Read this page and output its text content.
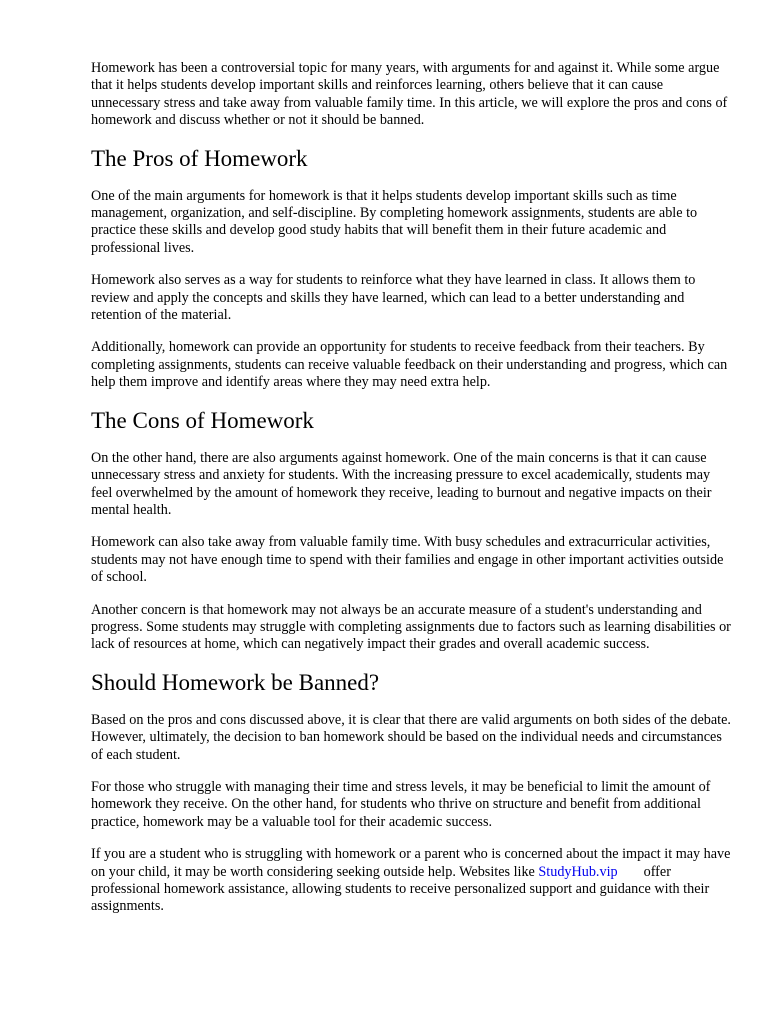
Homework has been a controversial topic for many years, with arguments for and against it. While some argue that it helps students develop important skills and reinforces learning, others believe that it can cause unnecessary stress and take away from valuable family time. In this article, we will explore the pros and cons of homework and discuss whether or not it should be banned.

The Pros of Homework

One of the main arguments for homework is that it helps students develop important skills such as time management, organization, and self-discipline. By completing homework assignments, students are able to practice these skills and develop good study habits that will benefit them in their future academic and professional lives.

Homework also serves as a way for students to reinforce what they have learned in class. It allows them to review and apply the concepts and skills they have learned, which can lead to a better understanding and retention of the material.

Additionally, homework can provide an opportunity for students to receive feedback from their teachers. By completing assignments, students can receive valuable feedback on their understanding and progress, which can help them improve and identify areas where they may need extra help.

The Cons of Homework

On the other hand, there are also arguments against homework. One of the main concerns is that it can cause unnecessary stress and anxiety for students. With the increasing pressure to excel academically, students may feel overwhelmed by the amount of homework they receive, leading to burnout and negative impacts on their mental health.

Homework can also take away from valuable family time. With busy schedules and extracurricular activities, students may not have enough time to spend with their families and engage in other important activities outside of school.

Another concern is that homework may not always be an accurate measure of a student's understanding and progress. Some students may struggle with completing assignments due to factors such as learning disabilities or lack of resources at home, which can negatively impact their grades and overall academic success.

Should Homework be Banned?

Based on the pros and cons discussed above, it is clear that there are valid arguments on both sides of the debate. However, ultimately, the decision to ban homework should be based on the individual needs and circumstances of each student.

For those who struggle with managing their time and stress levels, it may be beneficial to limit the amount of homework they receive. On the other hand, for students who thrive on structure and benefit from additional practice, homework may be a valuable tool for their academic success.

If you are a student who is struggling with homework or a parent who is concerned about the impact it may have on your child, it may be worth considering seeking outside help. Websites like StudyHub.vip offer professional homework assistance, allowing students to receive personalized support and guidance with their assignments.
